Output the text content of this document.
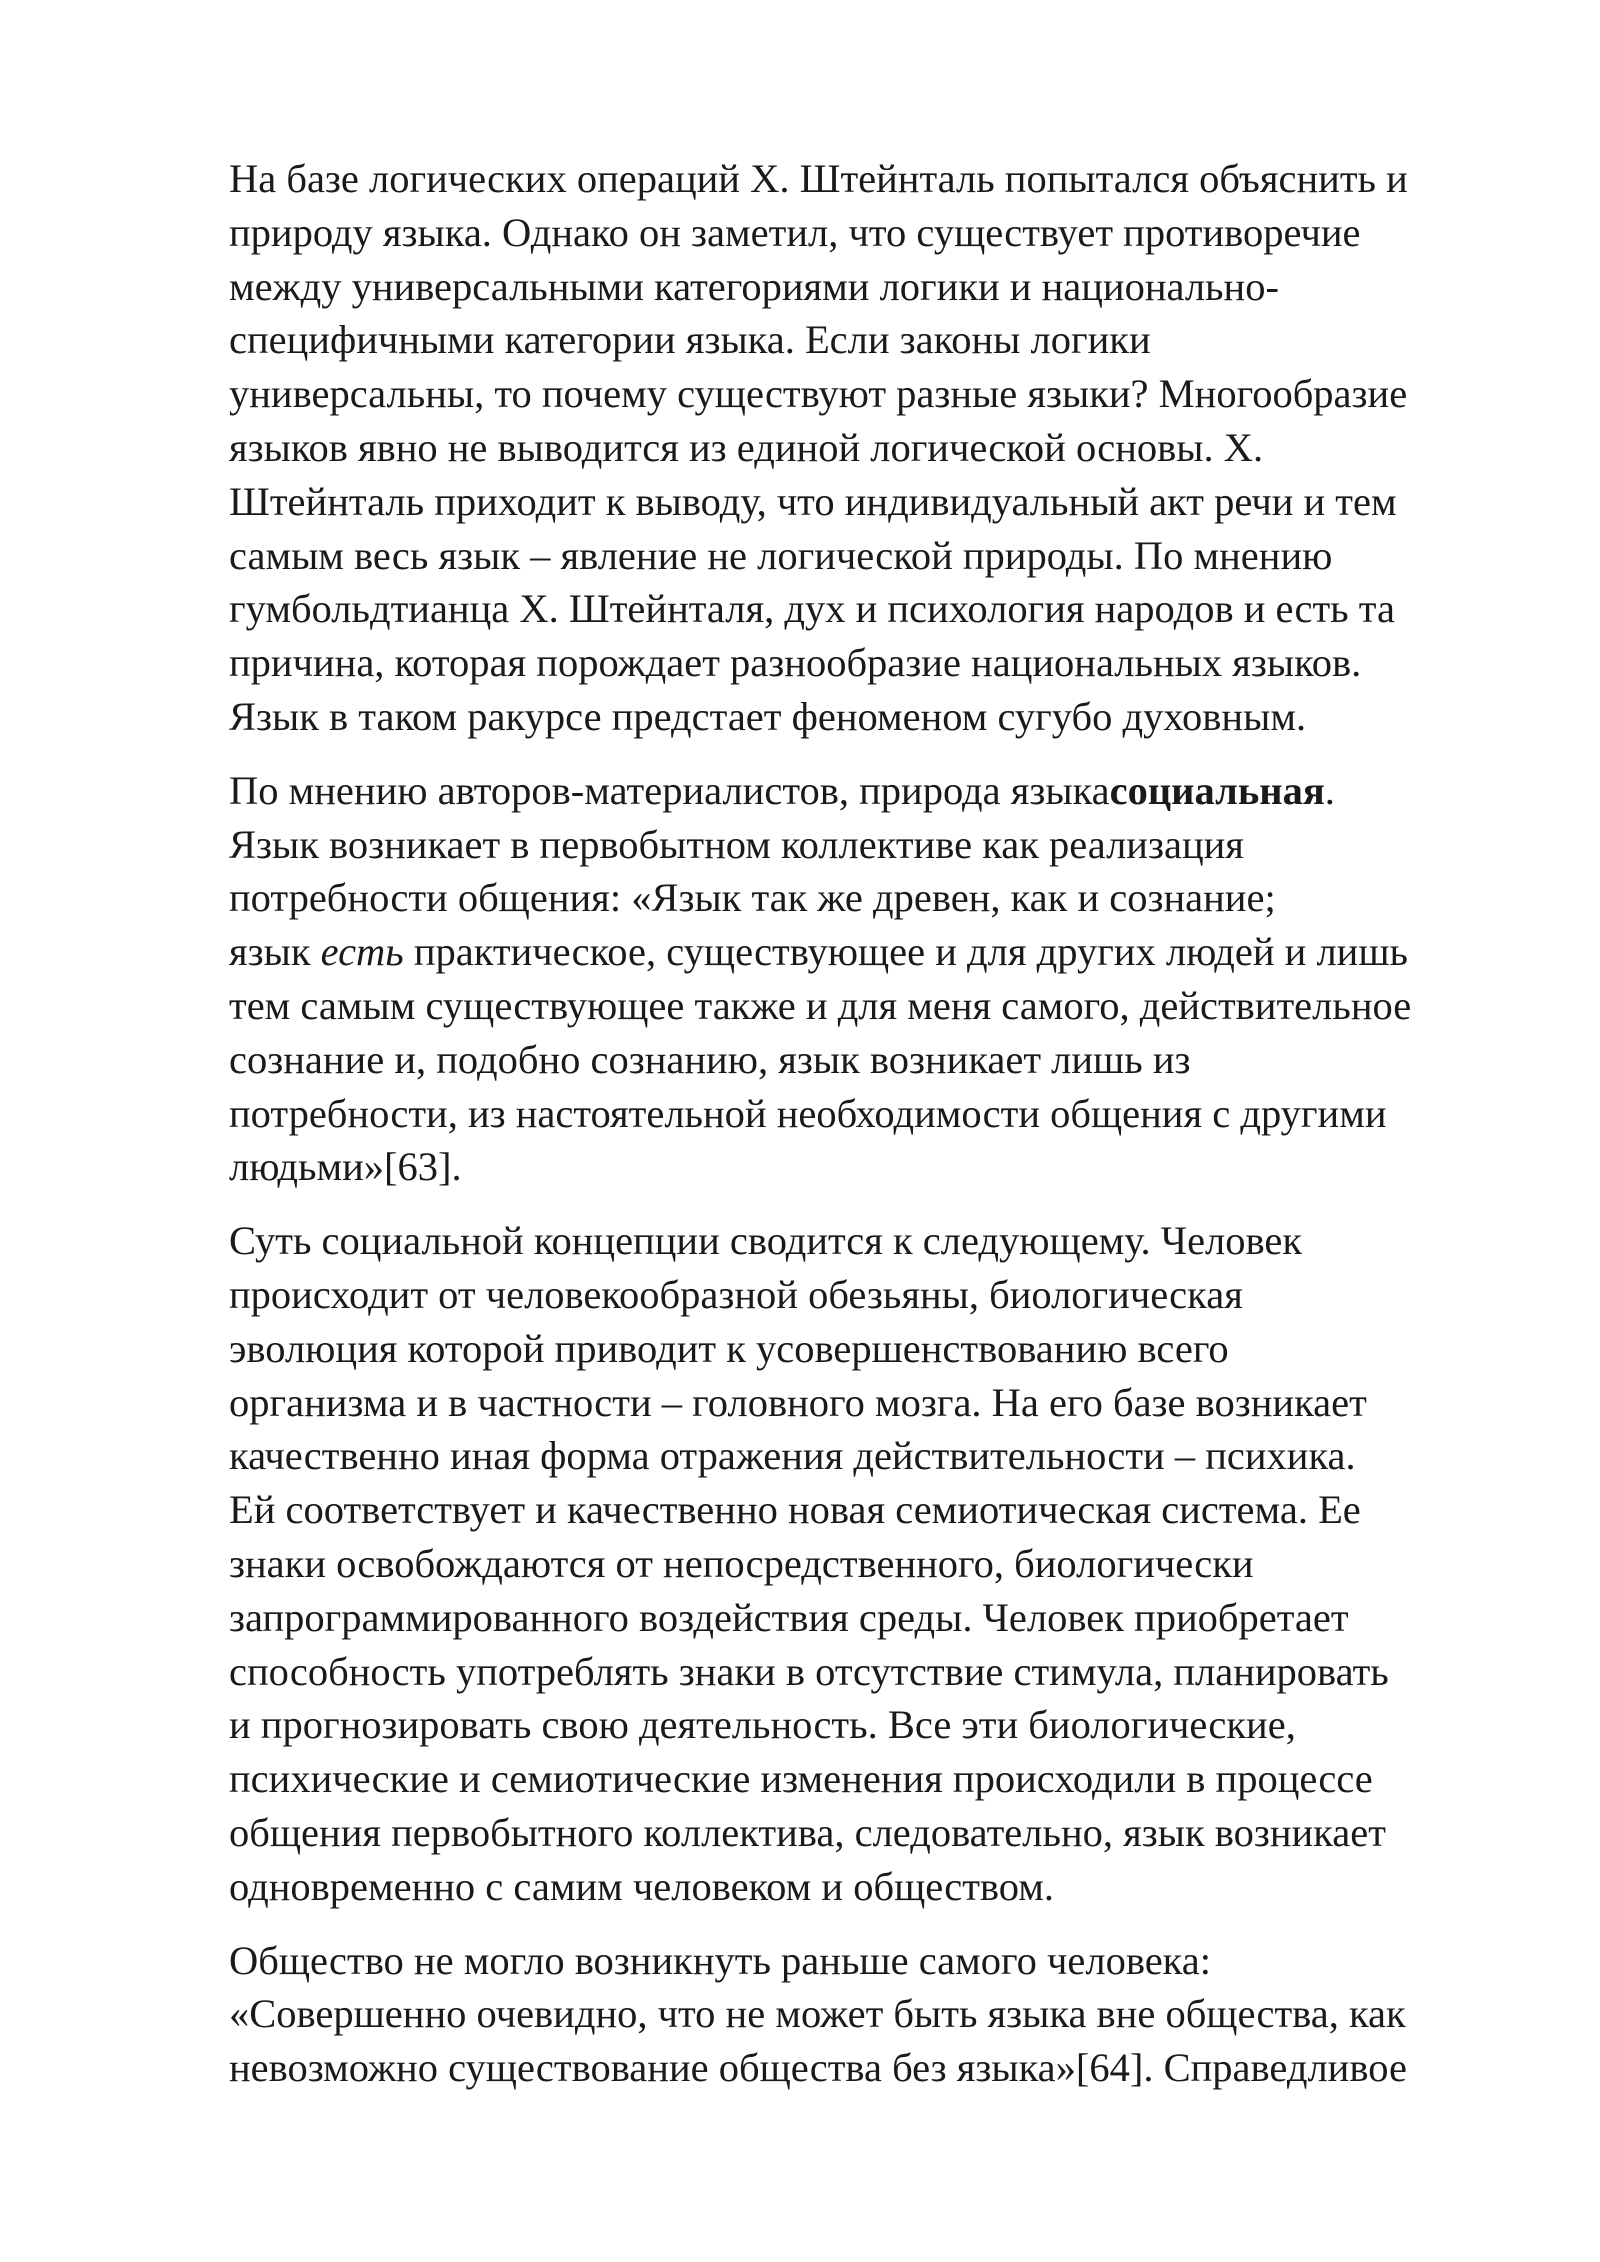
На базе логических операций Х. Штейнталь попытался объяснить и
природу языка. Однако он заметил, что существует противоречие
между универсальными категориями логики и национально-
специфичными категории языка. Если законы логики
универсальны, то почему существуют разные языки? Многообразие
языков явно не выводится из единой логической основы. Х.
Штейнталь приходит к выводу, что индивидуальный акт речи и тем
самым весь язык – явление не логической природы. По мнению
гумбольдтианца Х. Штейнталя, дух и психология народов и есть та
причина, которая порождает разнообразие национальных языков.
Язык в таком ракурсе предстает феноменом сугубо духовным.

По мнению авторов-материалистов, природа языкасоциальная.
Язык возникает в первобытном коллективе как реализация
потребности общения: «Язык так же древен, как и сознание;
язык есть практическое, существующее и для других людей и лишь
тем самым существующее также и для меня самого, действительное
сознание и, подобно сознанию, язык возникает лишь из
потребности, из настоятельной необходимости общения с другими
людьми»[63].

Суть социальной концепции сводится к следующему. Человек
происходит от человекообразной обезьяны, биологическая
эволюция которой приводит к усовершенствованию всего
организма и в частности – головного мозга. На его базе возникает
качественно иная форма отражения действительности – психика.
Ей соответствует и качественно новая семиотическая система. Ее
знаки освобождаются от непосредственного, биологически
запрограммированного воздействия среды. Человек приобретает
способность употреблять знаки в отсутствие стимула, планировать
и прогнозировать свою деятельность. Все эти биологические,
психические и семиотические изменения происходили в процессе
общения первобытного коллектива, следовательно, язык возникает
одновременно с самим человеком и обществом.

Общество не могло возникнуть раньше самого человека:
«Совершенно очевидно, что не может быть языка вне общества, как
невозможно существование общества без языка»[64]. Справедливое
